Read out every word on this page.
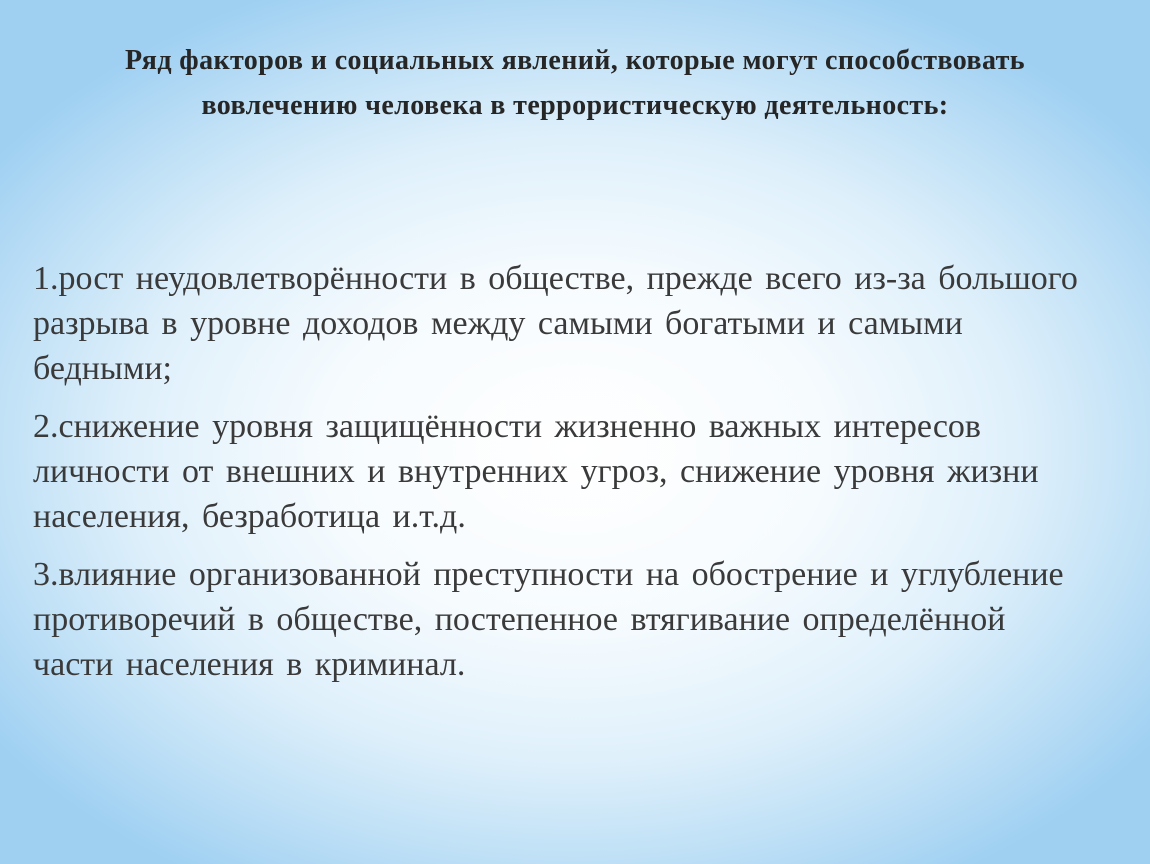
Ряд факторов и социальных явлений, которые могут способствовать вовлечению человека в террористическую деятельность:
1.рост неудовлетворённости в обществе, прежде всего из-за большого разрыва в уровне доходов между самыми богатыми и самыми бедными;
2.снижение уровня защищённости жизненно важных интересов личности от внешних и внутренних угроз, снижение уровня жизни населения, безработица и.т.д.
3.влияние организованной преступности на обострение и углубление противоречий в обществе, постепенное втягивание определённой части населения в криминал.
